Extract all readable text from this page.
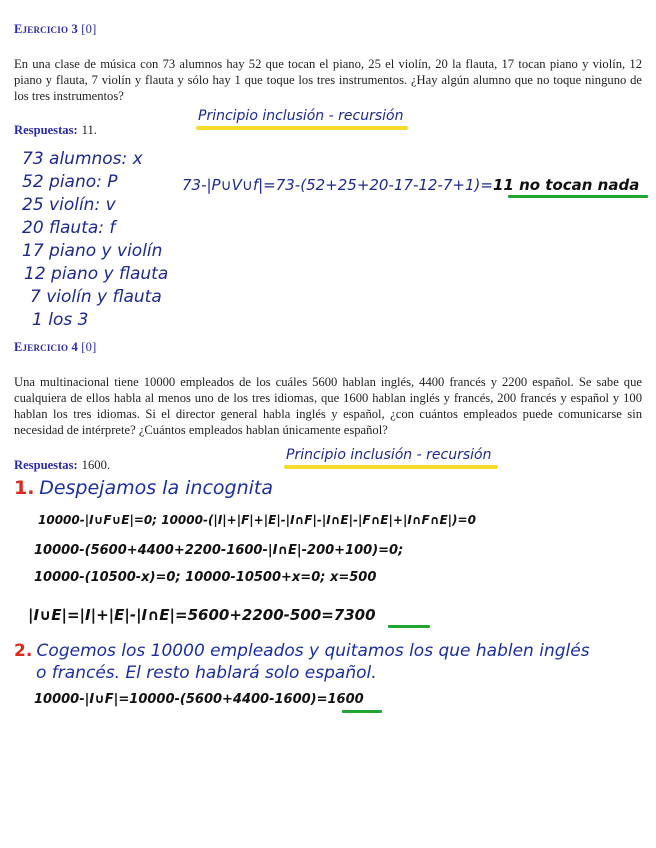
Ejercicio 3 [0]
En una clase de música con 73 alumnos hay 52 que tocan el piano, 25 el violín, 20 la flauta, 17 tocan piano y violín, 12 piano y flauta, 7 violín y flauta y sólo hay 1 que toque los tres instrumentos. ¿Hay algún alumno que no toque ninguno de los tres instrumentos?
Respuestas: 11.
Principio inclusión - recursión
73 alumnos: x
52 piano: P
25 violín: v
20 flauta: f
17 piano y violín
12 piano y flauta
7 violín y flauta
1 los 3
73-|P∪V∪f|=73-(52+25+20-17-12-7+1)=11 no tocan nada
Ejercicio 4 [0]
Una multinacional tiene 10000 empleados de los cuáles 5600 hablan inglés, 4400 francés y 2200 español. Se sabe que cualquiera de ellos habla al menos uno de los tres idiomas, que 1600 hablan inglés y francés, 200 francés y español y 100 hablan los tres idiomas. Si el director general habla inglés y español, ¿con cuántos empleados puede comunicarse sin necesidad de intérprete? ¿Cuántos empleados hablan únicamente español?
Respuestas: 1600.
Principio inclusión - recursión
1. Despejamos la incognita
10000-|I∪F∪E|=0; 10000-(|I|+|F|+|E|-|I∩F|-|I∩E|-|F∩E|+|I∩F∩E|)=0
10000-(5600+4400+2200-1600-|I∩E|-200+100)=0;
10000-(10500-x)=0; 10000-10500+x=0; x=500
|I∪E|=|I|+|E|-|I∩E|=5600+2200-500=7300
2. Cogemos los 10000 empleados y quitamos los que hablen inglés
o francés. El resto hablará solo español.
10000-|I∪F|=10000-(5600+4400-1600)=1600
